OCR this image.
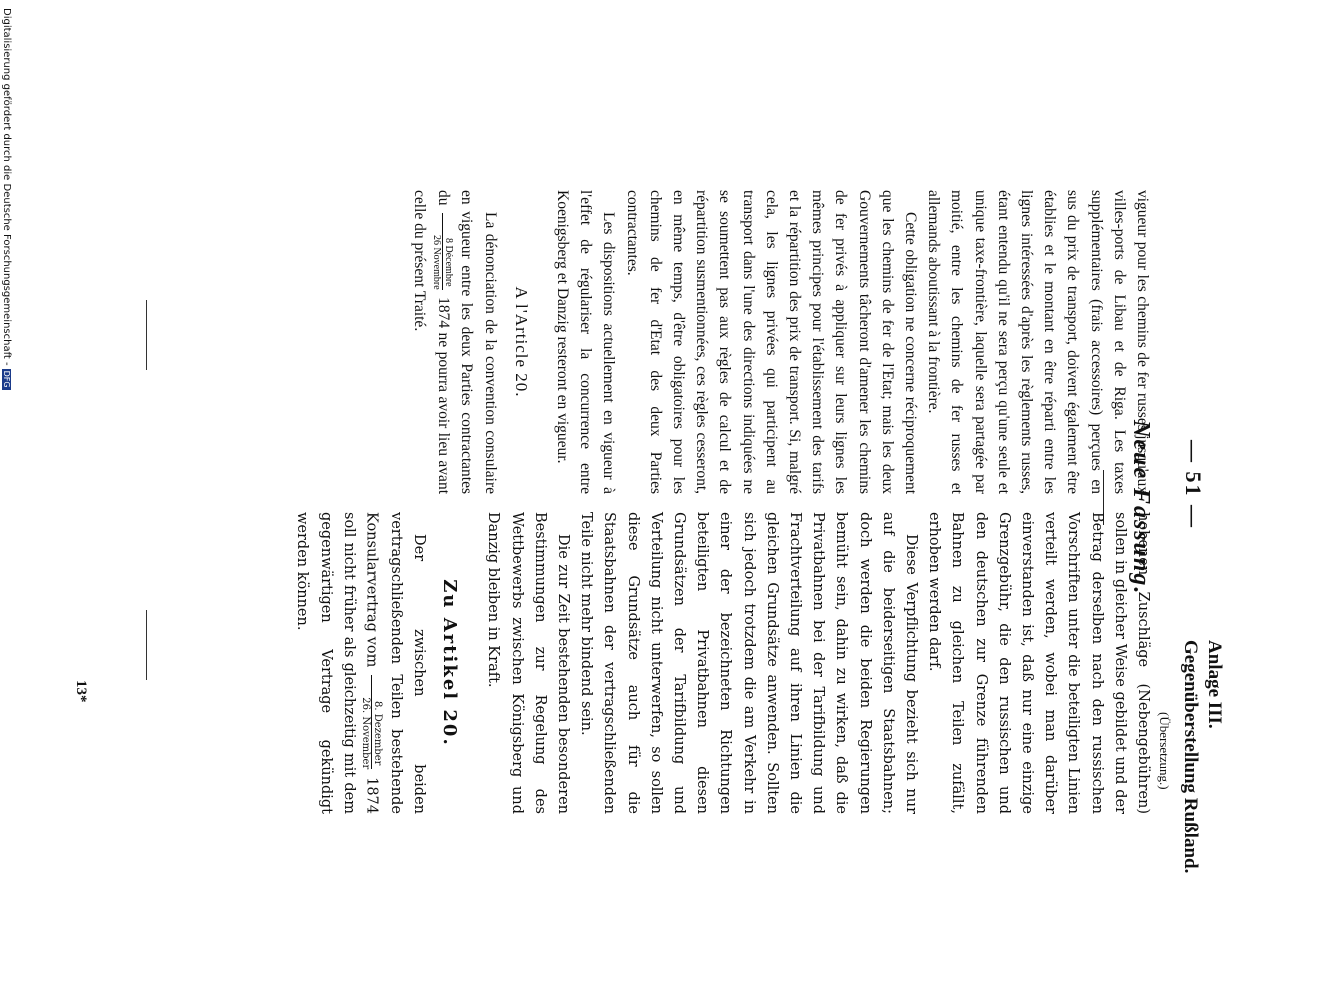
Anlage III.
Gegenüberstellung Rußland.
— 51 —
Neue Fassung.
(Übersetzung.)

vigueur pour les chemins de fer russes jusqu'aux villes-ports de Libau et de Riga. Les taxes supplémentaires (frais accessoires) perçues en sus du prix de transport, doivent également être établies et le montant en être réparti entre les lignes intéressées d'après les règlements russes, étant entendu qu'il ne sera perçu qu'une seule et unique taxe-frontière, laquelle sera partagée par moitié, entre les chemins de fer russes et allemands aboutissant à la frontière.

Cette obligation ne concerne réciproquement que les chemins de fer de l'Etat; mais les deux Gouvernements tâcheront d'amener les chemins de fer privés à appliquer sur leurs lignes les mêmes principes pour l'établissement des tarifs et la répartition des prix de transport. Si, malgré cela, les lignes privées qui participent au transport dans l'une des directions indiquées ne se soumettent pas aux règles de calcul et de répartition susmentionnées, ces règles cesseront, en même temps, d'être obligatoires pour les chemins de fer d'Etat des deux Parties contractantes.

Les dispositions actuellement en vigueur à l'effet de régulariser la concurrence entre Koenigsberg et Danzig resteront en vigueur.

A l'Article 20.

La dénonciation de la convention consulaire en vigueur entre les deux Parties contractantes du
8 Décembre
26 Novembre
1874 ne pourra avoir lieu avant celle du présent Traité.

hobenen Zuschläge (Nebengebühren) sollen in gleicher Weise gebildet und der Betrag derselben nach den russischen Vorschriften unter die beteiligten Linien verteilt werden, wobei man darüber einverstanden ist, daß nur eine einzige Grenzgebühr, die den russischen und den deutschen zur Grenze führenden Bahnen zu gleichen Teilen zufällt, erhoben werden darf.

Diese Verpflichtung bezieht sich nur auf die beiderseitigen Staatsbahnen; doch werden die beiden Regierungen bemüht sein, dahin zu wirken, daß die Privatbahnen bei der Tarifbildung und Frachtverteilung auf ihren Linien die gleichen Grundsätze anwenden. Sollten sich jedoch trotzdem die am Verkehr in einer der bezeichneten Richtungen beteiligten Privatbahnen diesen Grundsätzen der Tarifbildung und Verteilung nicht unterwerfen, so sollen diese Grundsätze auch für die Staatsbahnen der vertragschließenden Teile nicht mehr bindend sein.

Die zur Zeit bestehenden besonderen Bestimmungen zur Regelung des Wettbewerbs zwischen Königsberg und Danzig bleiben in Kraft.

Zu Artikel 20.

Der zwischen beiden vertragschließenden Teilen bestehende Konsularvertrag vom
8. Dezember
26. November
1874 soll nicht früher als gleichzeitig mit dem gegenwärtigen Vertrage gekündigt werden können.

13*
Digitalisierung gefördert durch die Deutsche Forschungsgemeinschaft -DFG
